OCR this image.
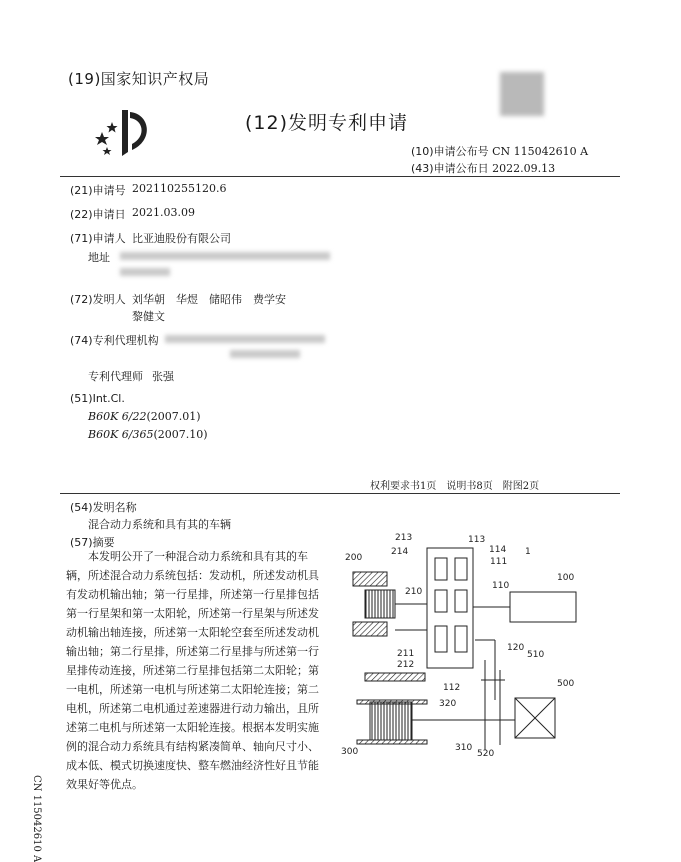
(19)国家知识产权局
(12)发明专利申请
(10)申请公布号 CN 115042610 A
(43)申请公布日 2022.09.13
(21)申请号 202110255120.6
(22)申请日 2021.03.09
(71)申请人 比亚迪股份有限公司
地址
(72)发明人 刘华朝　华煜　储昭伟　费学安
黎健文
(74)专利代理机构
专利代理师 张强
(51)Int.Cl.
B60K 6/22(2007.01)
B60K 6/365(2007.10)
权利要求书1页　说明书8页　附图2页
(54)发明名称
混合动力系统和具有其的车辆
(57)摘要
本发明公开了一种混合动力系统和具有其的车辆，所述混合动力系统包括：发动机，所述发动机具有发动机输出轴；第一行星排，所述第一行星排包括第一行星架和第一太阳轮，所述第一行星架与所述发动机输出轴连接，所述第一太阳轮空套至所述发动机输出轴；第二行星排，所述第二行星排与所述第一行星排传动连接，所述第二行星排包括第二太阳轮；第一电机，所述第一电机与所述第二太阳轮连接；第二电机，所述第二电机通过差速器进行动力输出，且所述第二电机与所述第一太阳轮连接。根据本发明实施例的混合动力系统具有结构紧凑简单、轴向尺寸小、成本低、模式切换速度快、整车燃油经济性好且节能效果好等优点。
CN 115042610 A
213	113
214	114 1
111
200
100
110
210
211
212
120
510
500
112
320
300	310
520
